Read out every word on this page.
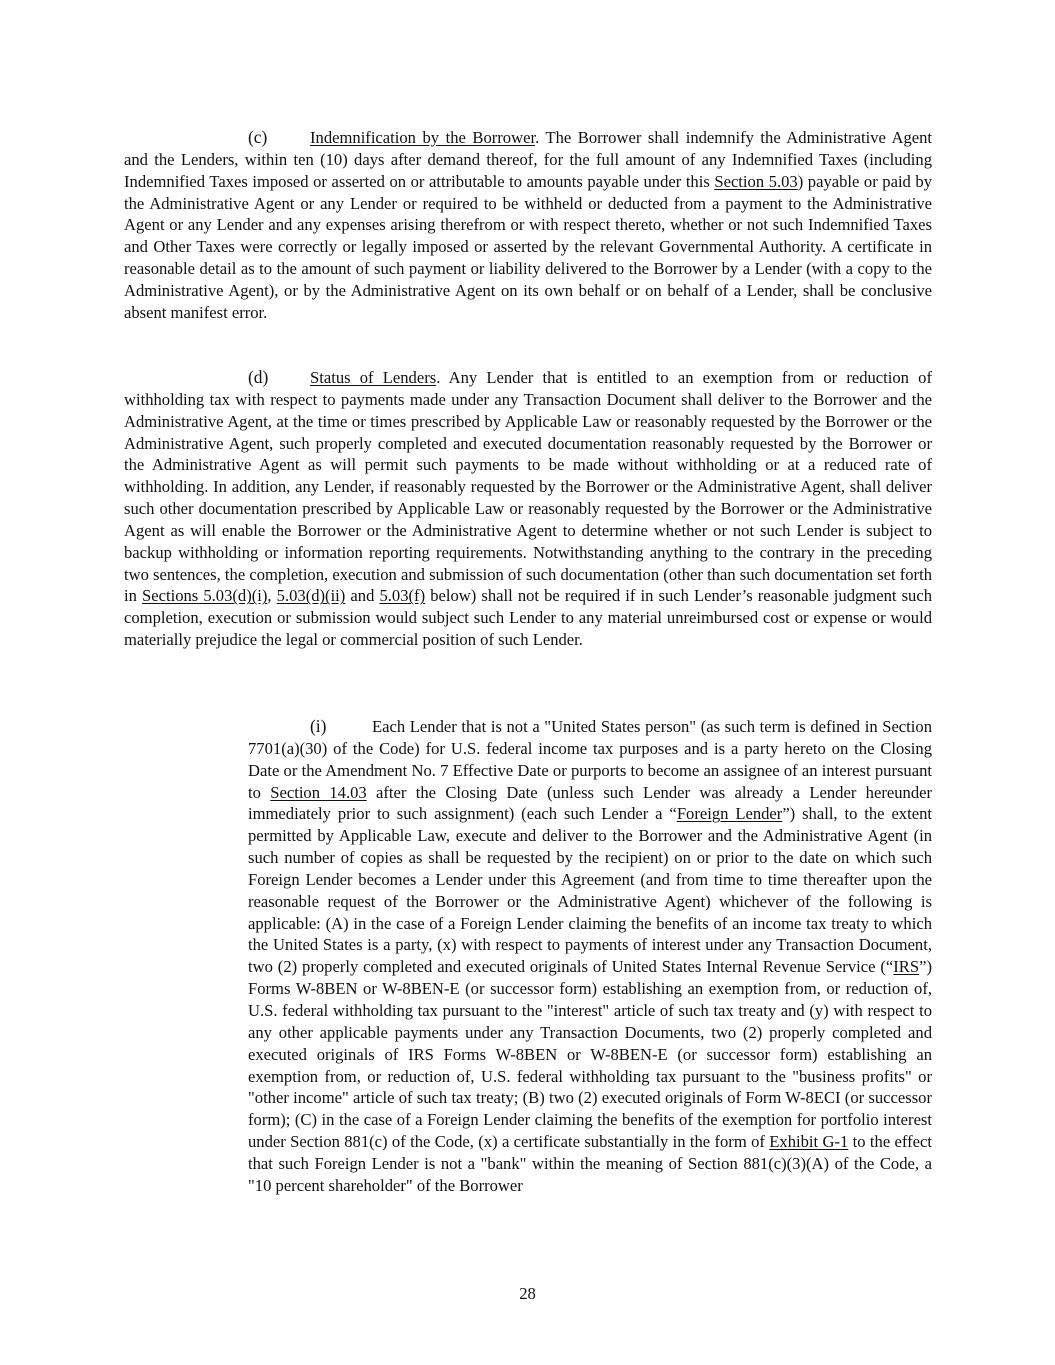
(c)	Indemnification by the Borrower. The Borrower shall indemnify the Administrative Agent and the Lenders, within ten (10) days after demand thereof, for the full amount of any Indemnified Taxes (including Indemnified Taxes imposed or asserted on or attributable to amounts payable under this Section 5.03) payable or paid by the Administrative Agent or any Lender or required to be withheld or deducted from a payment to the Administrative Agent or any Lender and any expenses arising therefrom or with respect thereto, whether or not such Indemnified Taxes and Other Taxes were correctly or legally imposed or asserted by the relevant Governmental Authority. A certificate in reasonable detail as to the amount of such payment or liability delivered to the Borrower by a Lender (with a copy to the Administrative Agent), or by the Administrative Agent on its own behalf or on behalf of a Lender, shall be conclusive absent manifest error.

(d)	Status of Lenders. Any Lender that is entitled to an exemption from or reduction of withholding tax with respect to payments made under any Transaction Document shall deliver to the Borrower and the Administrative Agent, at the time or times prescribed by Applicable Law or reasonably requested by the Borrower or the Administrative Agent, such properly completed and executed documentation reasonably requested by the Borrower or the Administrative Agent as will permit such payments to be made without withholding or at a reduced rate of withholding. In addition, any Lender, if reasonably requested by the Borrower or the Administrative Agent, shall deliver such other documentation prescribed by Applicable Law or reasonably requested by the Borrower or the Administrative Agent as will enable the Borrower or the Administrative Agent to determine whether or not such Lender is subject to backup withholding or information reporting requirements. Notwithstanding anything to the contrary in the preceding two sentences, the completion, execution and submission of such documentation (other than such documentation set forth in Sections 5.03(d)(i), 5.03(d)(ii) and 5.03(f) below) shall not be required if in such Lender’s reasonable judgment such completion, execution or submission would subject such Lender to any material unreimbursed cost or expense or would materially prejudice the legal or commercial position of such Lender.

(i)	Each Lender that is not a "United States person" (as such term is defined in Section 7701(a)(30) of the Code) for U.S. federal income tax purposes and is a party hereto on the Closing Date or the Amendment No. 7 Effective Date or purports to become an assignee of an interest pursuant to Section 14.03 after the Closing Date (unless such Lender was already a Lender hereunder immediately prior to such assignment) (each such Lender a “Foreign Lender”) shall, to the extent permitted by Applicable Law, execute and deliver to the Borrower and the Administrative Agent (in such number of copies as shall be requested by the recipient) on or prior to the date on which such Foreign Lender becomes a Lender under this Agreement (and from time to time thereafter upon the reasonable request of the Borrower or the Administrative Agent) whichever of the following is applicable: (A) in the case of a Foreign Lender claiming the benefits of an income tax treaty to which the United States is a party, (x) with respect to payments of interest under any Transaction Document, two (2) properly completed and executed originals of United States Internal Revenue Service (“IRS”) Forms W-8BEN or W-8BEN-E (or successor form) establishing an exemption from, or reduction of, U.S. federal withholding tax pursuant to the "interest" article of such tax treaty and (y) with respect to any other applicable payments under any Transaction Documents, two (2) properly completed and executed originals of IRS Forms W-8BEN or W-8BEN-E (or successor form) establishing an exemption from, or reduction of, U.S. federal withholding tax pursuant to the "business profits" or "other income" article of such tax treaty; (B) two (2) executed originals of Form W-8ECI (or successor form); (C) in the case of a Foreign Lender claiming the benefits of the exemption for portfolio interest under Section 881(c) of the Code, (x) a certificate substantially in the form of Exhibit G-1 to the effect that such Foreign Lender is not a "bank" within the meaning of Section 881(c)(3)(A) of the Code, a "10 percent shareholder" of the Borrower

28
